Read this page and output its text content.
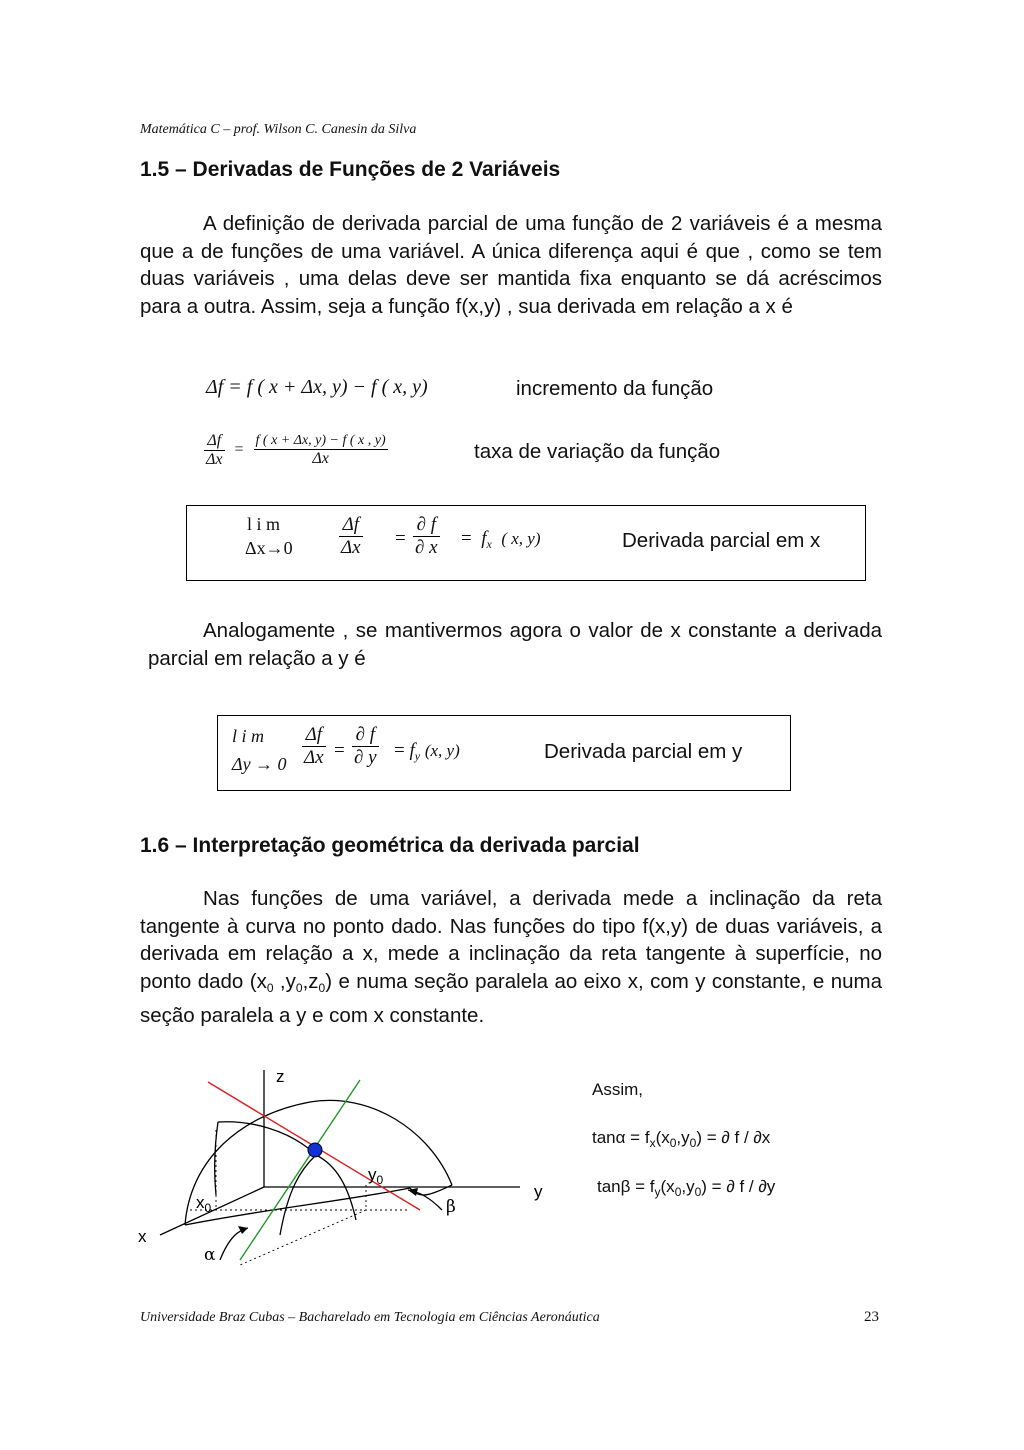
Matemática C – prof. Wilson C. Canesin da Silva
1.5 – Derivadas de Funções de 2 Variáveis
A definição de derivada parcial de uma função de 2 variáveis é a mesma que a de funções de uma variável. A única diferença aqui é que , como se tem duas variáveis , uma delas deve ser mantida fixa enquanto se dá acréscimos para a outra. Assim, seja a função f(x,y) , sua derivada em relação a x é
Δf = f ( x + Δx, y) − f ( x, y)	incremento da função
$\frac{\Delta f}{\Delta x} = \frac{f ( x + \Delta x, y) - f ( x , y)}{\Delta x}$	taxa de variação da função
l i m
$\Delta x\to 0 \frac{\Delta f}{\Delta x} = \frac{\partial f}{\partial x} = f_x$ ( x, y)	Derivada parcial em x
Analogamente , se mantivermos agora o valor de x constante a derivada parcial em relação a y é
l i m
$\Delta y \to 0 \frac{\Delta f}{\Delta x} = \frac{\partial f}{\partial y} = f_y$ (x, y)	Derivada parcial em y
1.6 – Interpretação geométrica da derivada parcial
Nas funções de uma variável, a derivada mede a inclinação da reta tangente à curva no ponto dado. Nas funções do tipo f(x,y) de duas variáveis, a derivada em relação a x, mede a inclinação da reta tangente à superfície, no ponto dado ($x_0$ $,y_0,z_0$) e numa seção paralela ao eixo x, com y constante, e numa seção paralela a y e com x constante.
z
y
x
$y_0$
$x_0$
α
β
Assim,
$\tan\alpha = f_x(x_0,y_0)$ = ∂ f / ∂x
$\tan\beta = f_y(x_0,y_0)$ = ∂ f / ∂y
Universidade Braz Cubas – Bacharelado em Tecnologia em Ciências Aeronáutica	23
